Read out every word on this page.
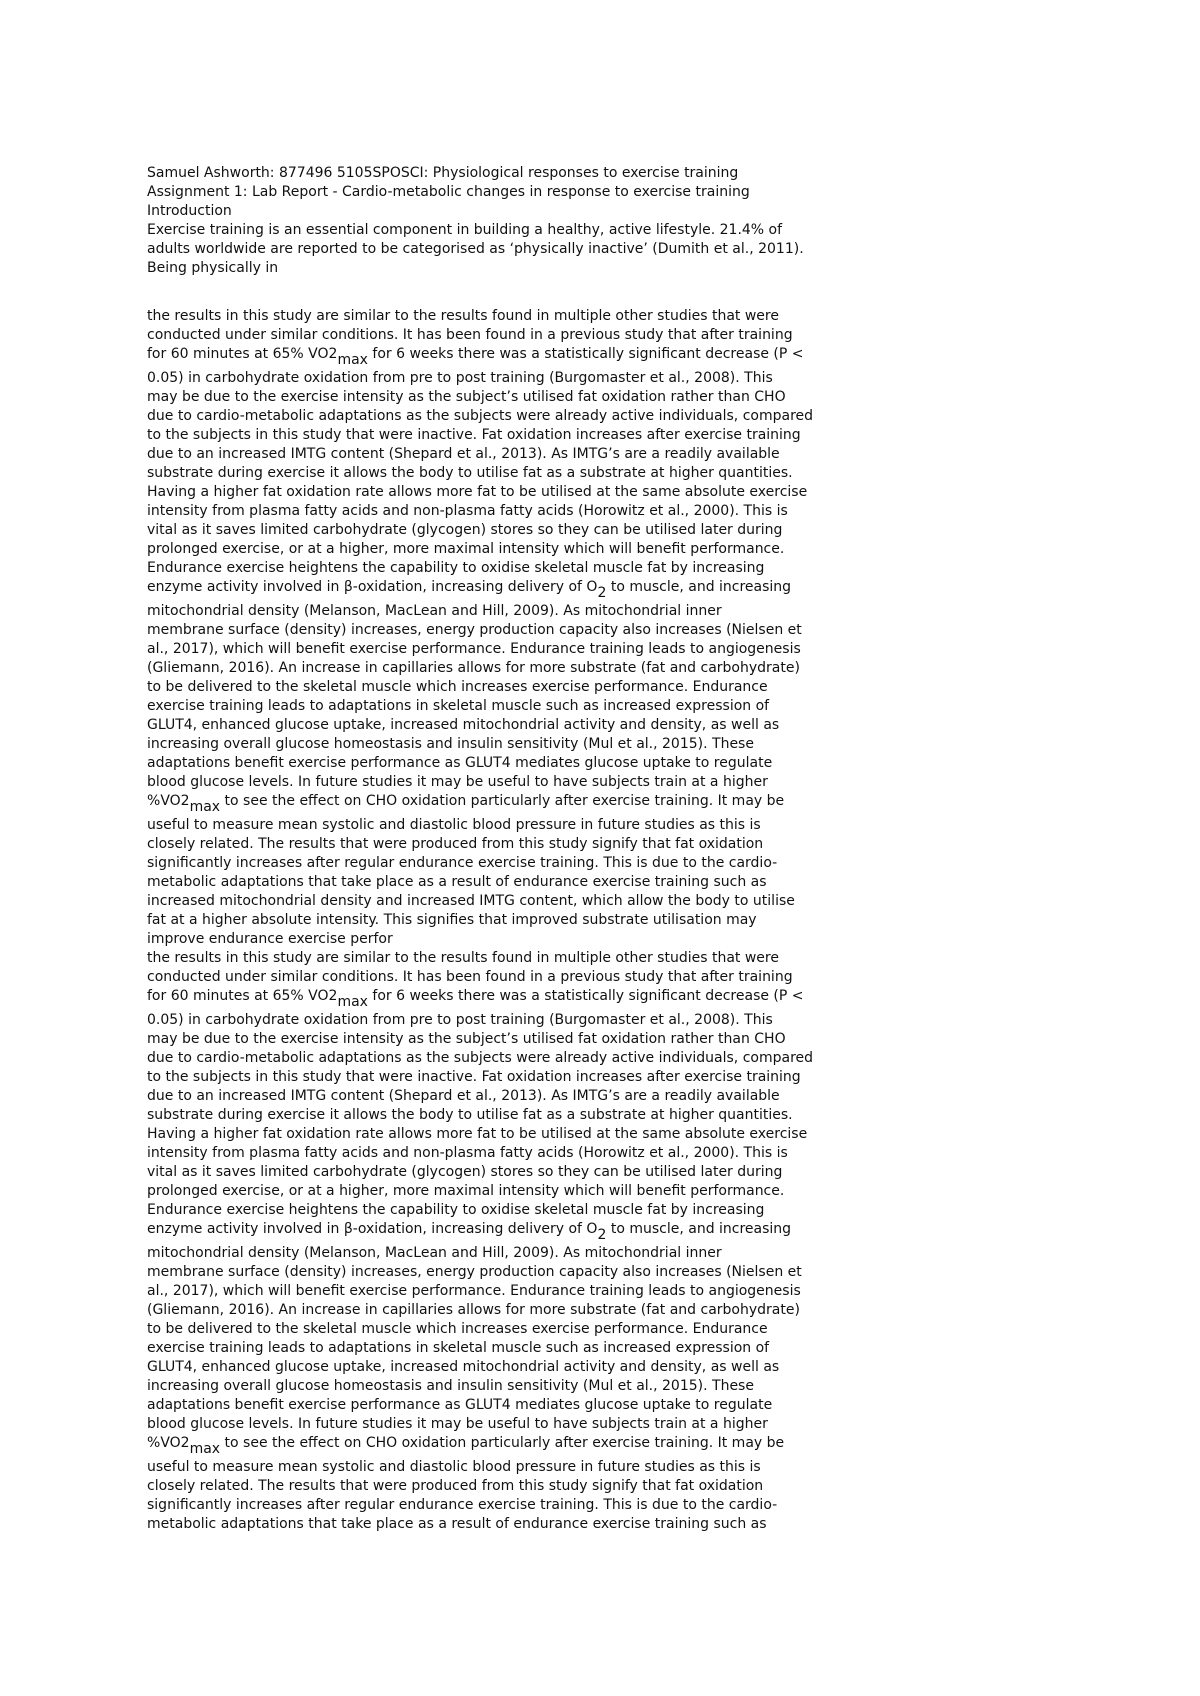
Samuel Ashworth: 877496 5105SPOSCI: Physiological responses to exercise training
Assignment 1: Lab Report - Cardio-metabolic changes in response to exercise training
Introduction
Exercise training is an essential component in building a healthy, active lifestyle. 21.4% of
adults worldwide are reported to be categorised as ‘physically inactive’ (Dumith et al., 2011).
Being physically in
the results in this study are similar to the results found in multiple other studies that were
conducted under similar conditions. It has been found in a previous study that after training
for 60 minutes at 65% $VO2_{max}$ for 6 weeks there was a statistically significant decrease (P <
0.05) in carbohydrate oxidation from pre to post training (Burgomaster et al., 2008). This
may be due to the exercise intensity as the subject’s utilised fat oxidation rather than CHO
due to cardio-metabolic adaptations as the subjects were already active individuals, compared
to the subjects in this study that were inactive. Fat oxidation increases after exercise training
due to an increased IMTG content (Shepard et al., 2013). As IMTG’s are a readily available
substrate during exercise it allows the body to utilise fat as a substrate at higher quantities.
Having a higher fat oxidation rate allows more fat to be utilised at the same absolute exercise
intensity from plasma fatty acids and non-plasma fatty acids (Horowitz et al., 2000). This is
vital as it saves limited carbohydrate (glycogen) stores so they can be utilised later during
prolonged exercise, or at a higher, more maximal intensity which will benefit performance.
Endurance exercise heightens the capability to oxidise skeletal muscle fat by increasing
enzyme activity involved in β-oxidation, increasing delivery of $O_2$ to muscle, and increasing
mitochondrial density (Melanson, MacLean and Hill, 2009). As mitochondrial inner
membrane surface (density) increases, energy production capacity also increases (Nielsen et
al., 2017), which will benefit exercise performance. Endurance training leads to angiogenesis
(Gliemann, 2016). An increase in capillaries allows for more substrate (fat and carbohydrate)
to be delivered to the skeletal muscle which increases exercise performance. Endurance
exercise training leads to adaptations in skeletal muscle such as increased expression of
GLUT4, enhanced glucose uptake, increased mitochondrial activity and density, as well as
increasing overall glucose homeostasis and insulin sensitivity (Mul et al., 2015). These
adaptations benefit exercise performance as GLUT4 mediates glucose uptake to regulate
blood glucose levels. In future studies it may be useful to have subjects train at a higher
$\%VO2_{max}$ to see the effect on CHO oxidation particularly after exercise training. It may be
useful to measure mean systolic and diastolic blood pressure in future studies as this is
closely related. The results that were produced from this study signify that fat oxidation
significantly increases after regular endurance exercise training. This is due to the cardio-
metabolic adaptations that take place as a result of endurance exercise training such as
increased mitochondrial density and increased IMTG content, which allow the body to utilise
fat at a higher absolute intensity. This signifies that improved substrate utilisation may
improve endurance exercise perfor
the results in this study are similar to the results found in multiple other studies that were
conducted under similar conditions. It has been found in a previous study that after training
for 60 minutes at 65% $VO2_{max}$ for 6 weeks there was a statistically significant decrease (P <
0.05) in carbohydrate oxidation from pre to post training (Burgomaster et al., 2008). This
may be due to the exercise intensity as the subject’s utilised fat oxidation rather than CHO
due to cardio-metabolic adaptations as the subjects were already active individuals, compared
to the subjects in this study that were inactive. Fat oxidation increases after exercise training
due to an increased IMTG content (Shepard et al., 2013). As IMTG’s are a readily available
substrate during exercise it allows the body to utilise fat as a substrate at higher quantities.
Having a higher fat oxidation rate allows more fat to be utilised at the same absolute exercise
intensity from plasma fatty acids and non-plasma fatty acids (Horowitz et al., 2000). This is
vital as it saves limited carbohydrate (glycogen) stores so they can be utilised later during
prolonged exercise, or at a higher, more maximal intensity which will benefit performance.
Endurance exercise heightens the capability to oxidise skeletal muscle fat by increasing
enzyme activity involved in β-oxidation, increasing delivery of $O_2$ to muscle, and increasing
mitochondrial density (Melanson, MacLean and Hill, 2009). As mitochondrial inner
membrane surface (density) increases, energy production capacity also increases (Nielsen et
al., 2017), which will benefit exercise performance. Endurance training leads to angiogenesis
(Gliemann, 2016). An increase in capillaries allows for more substrate (fat and carbohydrate)
to be delivered to the skeletal muscle which increases exercise performance. Endurance
exercise training leads to adaptations in skeletal muscle such as increased expression of
GLUT4, enhanced glucose uptake, increased mitochondrial activity and density, as well as
increasing overall glucose homeostasis and insulin sensitivity (Mul et al., 2015). These
adaptations benefit exercise performance as GLUT4 mediates glucose uptake to regulate
blood glucose levels. In future studies it may be useful to have subjects train at a higher
$\%VO2_{max}$ to see the effect on CHO oxidation particularly after exercise training. It may be
useful to measure mean systolic and diastolic blood pressure in future studies as this is
closely related. The results that were produced from this study signify that fat oxidation
significantly increases after regular endurance exercise training. This is due to the cardio-
metabolic adaptations that take place as a result of endurance exercise training such as
